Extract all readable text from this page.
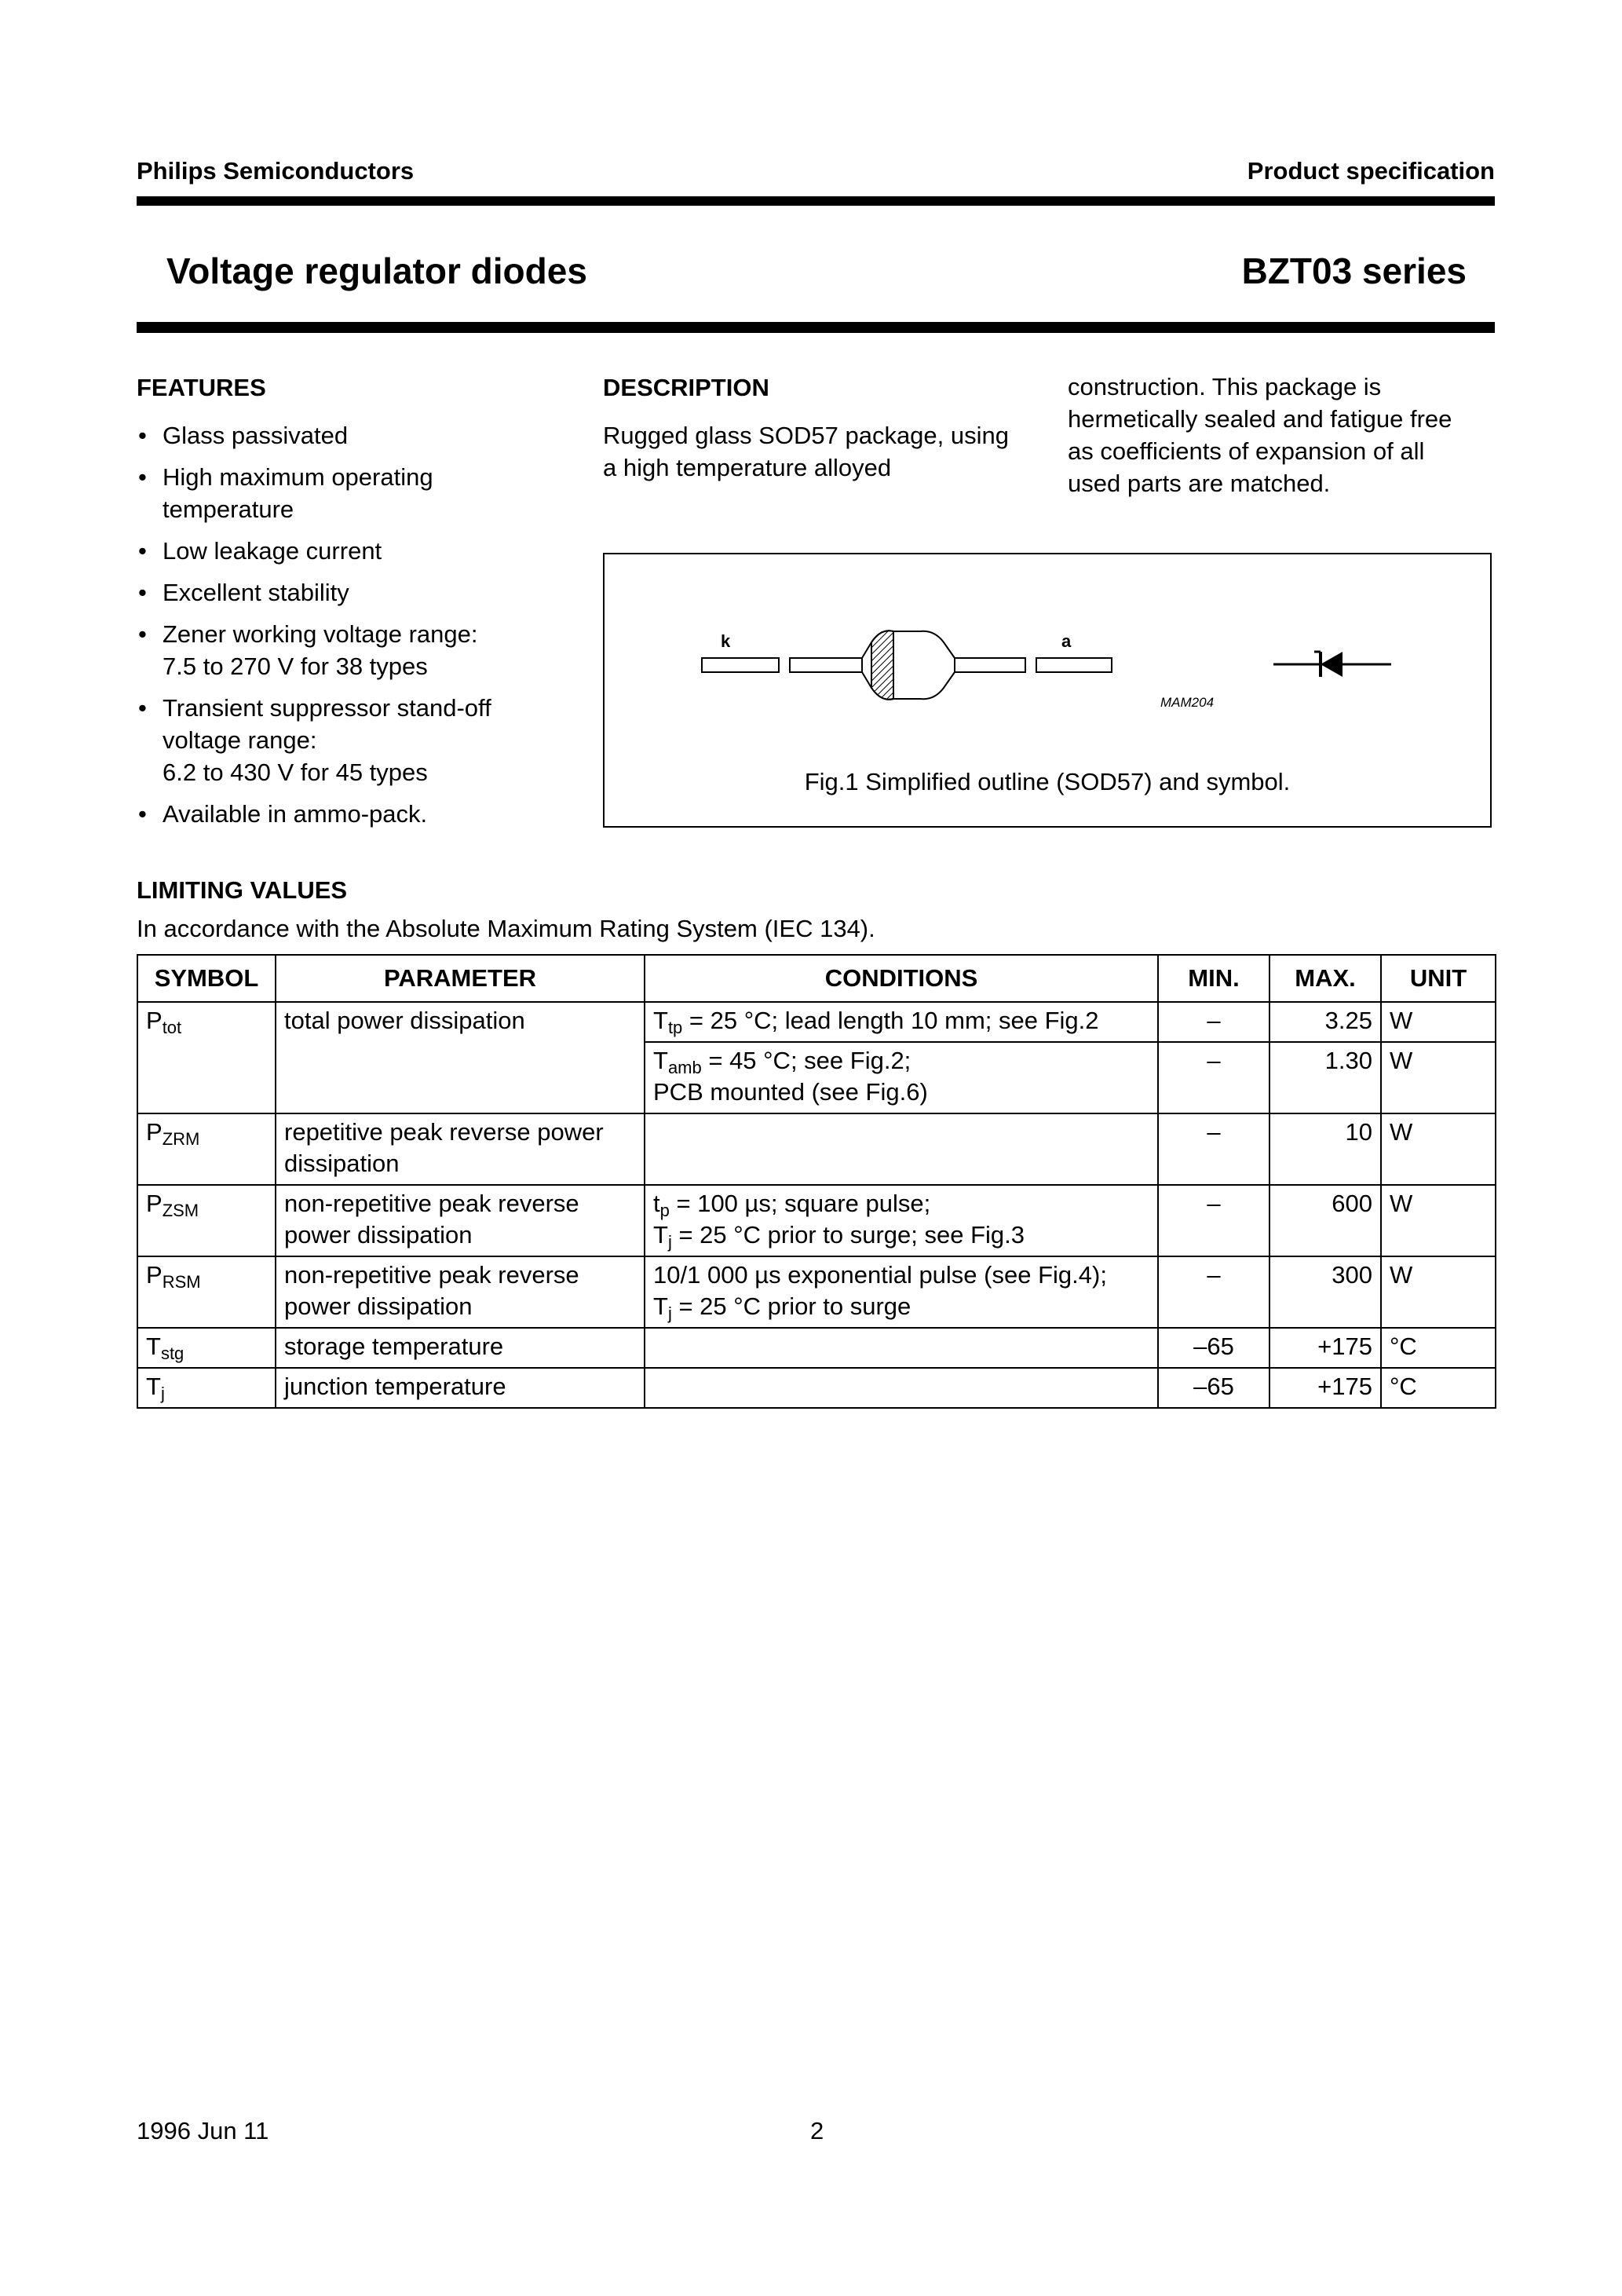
Philips Semiconductors	Product specification
Voltage regulator diodes	BZT03 series
FEATURES
• Glass passivated
• High maximum operating
temperature
• Low leakage current
• Excellent stability
• Zener working voltage range:
7.5 to 270 V for 38 types
• Transient suppressor stand-off
voltage range:
6.2 to 430 V for 45 types
• Available in ammo-pack.
DESCRIPTION
Rugged glass SOD57 package, using
a high temperature alloyed
construction. This package is
hermetically sealed and fatigue free
as coefficients of expansion of all
used parts are matched.
k	a
MAM204
Fig.1 Simplified outline (SOD57) and symbol.
LIMITING VALUES
In accordance with the Absolute Maximum Rating System (IEC 134).
SYMBOL	PARAMETER	CONDITIONS	MIN.	MAX.	UNIT
$P_{tot}$	total power dissipation	$T_{tp} = 25$ °C; lead length 10 mm; see Fig.2	–	3.25	W

		$T_{amb} = 45$ °C; see Fig.2;
PCB mounted (see Fig.6)	–	1.30	W
$P_{ZRM}$	repetitive peak reverse power
dissipation		–	10	W
$P_{ZSM}$	non-repetitive peak reverse
power dissipation	$t_p = 100$ µs; square pulse;
$T_j = 25$ °C prior to surge; see Fig.3	–	600	W
$P_{RSM}$	non-repetitive peak reverse
power dissipation	10/1 000 µs exponential pulse (see Fig.4);
$T_j = 25$ °C prior to surge	–	300	W
$T_{stg}$	storage temperature		–65	+175	°C
$T_j$	junction temperature		–65	+175	°C
1996 Jun 11	2
